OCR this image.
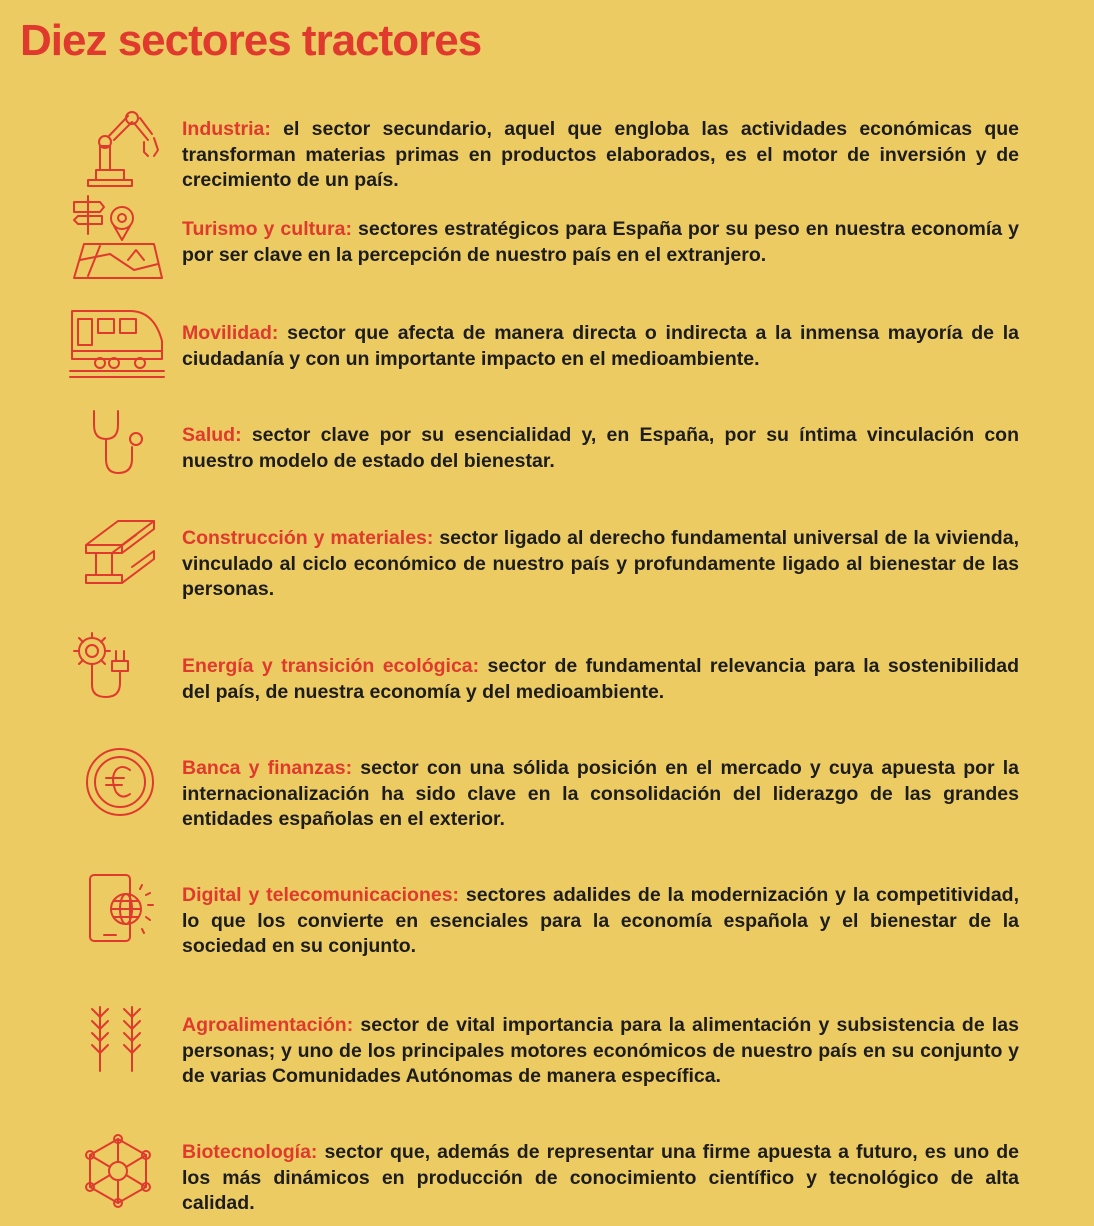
Diez sectores tractores

Industria: el sector secundario, aquel que engloba las actividades económicas que transforman materias primas en productos elaborados, es el motor de inversión y de crecimiento de un país.

Turismo y cultura: sectores estratégicos para España por su peso en nuestra economía y por ser clave en la percepción de nuestro país en el extranjero.

Movilidad: sector que afecta de manera directa o indirecta a la inmensa mayoría de la ciudadanía y con un importante impacto en el medioambiente.

Salud: sector clave por su esencialidad y, en España, por su íntima vinculación con nuestro modelo de estado del bienestar.

Construcción y materiales: sector ligado al derecho fundamental universal de la vivienda, vinculado al ciclo económico de nuestro país y profundamente ligado al bienestar de las personas.

Energía y transición ecológica: sector de fundamental relevancia para la sostenibilidad del país, de nuestra economía y del medioambiente.

Banca y finanzas: sector con una sólida posición en el mercado y cuya apuesta por la internacionalización ha sido clave en la consolidación del liderazgo de las grandes entidades españolas en el exterior.

Digital y telecomunicaciones: sectores adalides de la modernización y la competitividad, lo que los convierte en esenciales para la economía española y el bienestar de la sociedad en su conjunto.

Agroalimentación: sector de vital importancia para la alimentación y subsistencia de las personas; y uno de los principales motores económicos de nuestro país en su conjunto y de varias Comunidades Autónomas de manera específica.

Biotecnología: sector que, además de representar una firme apuesta a futuro, es uno de los más dinámicos en producción de conocimiento científico y tecnológico de alta calidad.
